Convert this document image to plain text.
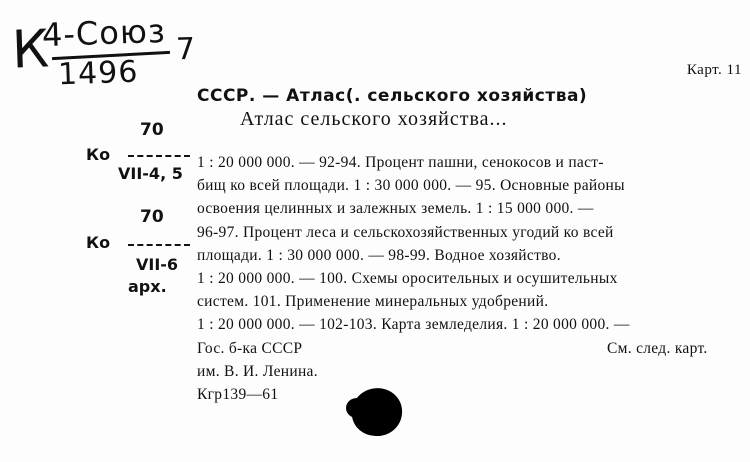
К
4-Союз
1496
7
Карт. 11
СССР. — Атлас(. сельского хозяйства)
Атлас сельского хозяйства...
70
Ко
VII-4, 5
70
Ко
VII-6
арх.
1 : 20 000 000. — 92-94. Процент пашни, сенокосов и паст-
бищ ко всей площади. 1 : 30 000 000. — 95. Основные районы
освоения целинных и залежных земель. 1 : 15 000 000. —
96-97. Процент леса и сельскохозяйственных угодий ко всей
площади. 1 : 30 000 000. — 98-99. Водное хозяйство.
1 : 20 000 000. — 100. Схемы оросительных и осушительных
систем. 101. Применение минеральных удобрений.
1 : 20 000 000. — 102-103. Карта земледелия. 1 : 20 000 000. —
Гос. б-ка СССР	См. след. карт.
им. В. И. Ленина.
Кгр139—61
